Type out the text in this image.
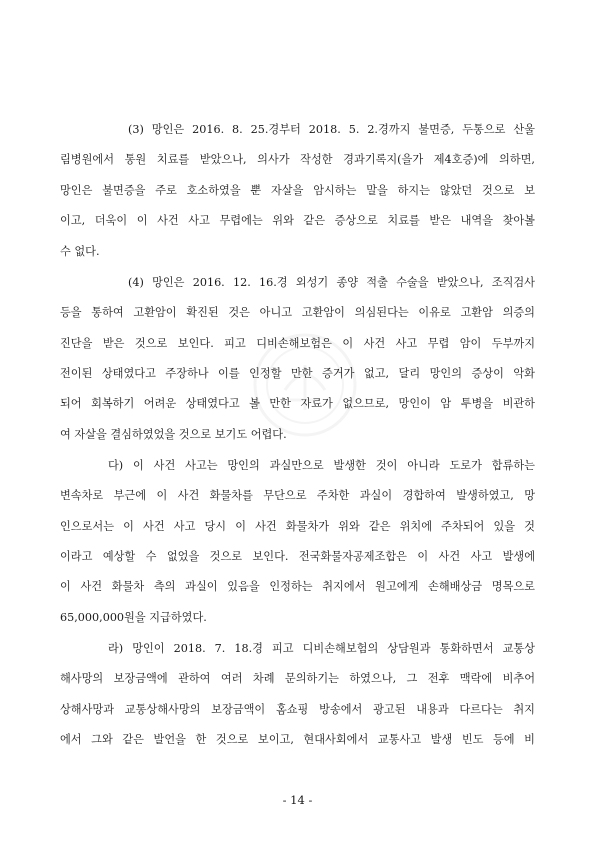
(3) 망인은 2016. 8. 25.경부터 2018. 5. 2.경까지 불면증, 두통으로 산울
림병원에서 통원 치료를 받았으나, 의사가 작성한 경과기록지(을가 제4호증)에 의하면,
망인은 불면증을 주로 호소하였을 뿐 자살을 암시하는 말을 하지는 않았던 것으로 보
이고, 더욱이 이 사건 사고 무렵에는 위와 같은 증상으로 치료를 받은 내역을 찾아볼
수 없다.
(4) 망인은 2016. 12. 16.경 외성기 종양 적출 수술을 받았으나, 조직검사
등을 통하여 고환암이 확진된 것은 아니고 고환암이 의심된다는 이유로 고환암 의증의
진단을 받은 것으로 보인다. 피고 디비손해보험은 이 사건 사고 무렵 암이 두부까지
전이된 상태였다고 주장하나 이를 인정할 만한 증거가 없고, 달리 망인의 증상이 악화
되어 회복하기 어려운 상태였다고 볼 만한 자료가 없으므로, 망인이 암 투병을 비관하
여 자살을 결심하였었을 것으로 보기도 어렵다.
다) 이 사건 사고는 망인의 과실만으로 발생한 것이 아니라 도로가 합류하는
변속차로 부근에 이 사건 화물차를 무단으로 주차한 과실이 경합하여 발생하였고, 망
인으로서는 이 사건 사고 당시 이 사건 화물차가 위와 같은 위치에 주차되어 있을 것
이라고 예상할 수 없었을 것으로 보인다. 전국화물자공제조합은 이 사건 사고 발생에
이 사건 화물차 측의 과실이 있음을 인정하는 취지에서 원고에게 손해배상금 명목으로
65,000,000원을 지급하였다.
라) 망인이 2018. 7. 18.경 피고 디비손해보험의 상담원과 통화하면서 교통상
해사망의 보장금액에 관하여 여러 차례 문의하기는 하였으나, 그 전후 맥락에 비추어
상해사망과 교통상해사망의 보장금액이 홈쇼핑 방송에서 광고된 내용과 다르다는 취지
에서 그와 같은 발언을 한 것으로 보이고, 현대사회에서 교통사고 발생 빈도 등에 비
- 14 -
